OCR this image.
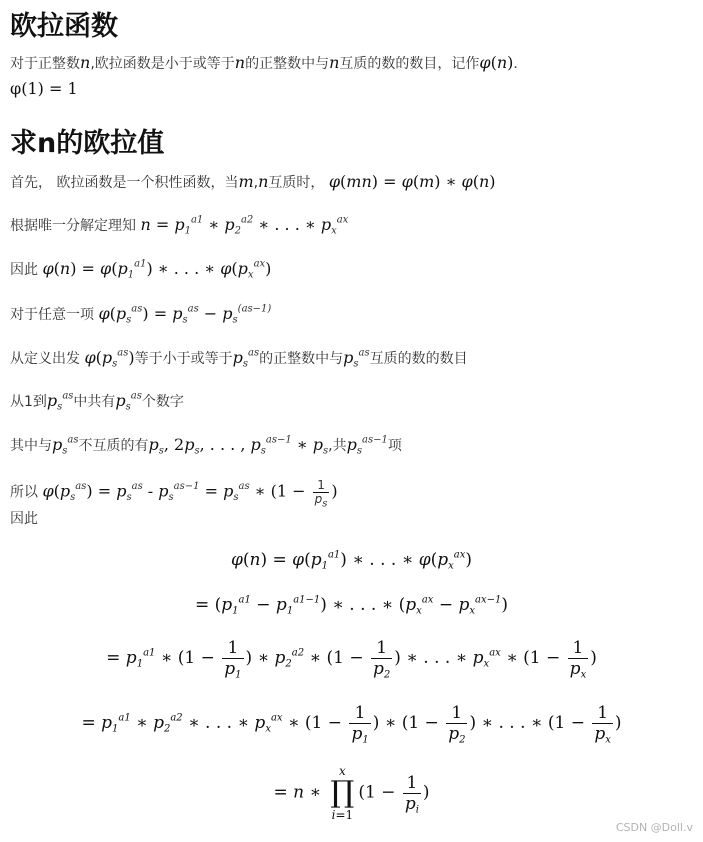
欧拉函数
对于正整数n,欧拉函数是小于或等于n的正整数中与n互质的数的数目，记作φ(n).
φ(1) = 1
求n的欧拉值
首先， 欧拉函数是一个积性函数，当m,n互质时， φ(mn) = φ(m) ∗ φ(n)
根据唯一分解定理知 $n = p_1^{a1}$ ∗ $p_2^{a2}$ ∗ . . . ∗ $p_x^{ax}$
因此 $\varphi(n) = \varphi(p_1^{a1})$ ∗ . . . ∗ $\varphi(p_x^{ax})$
对于任意一项 $\varphi(p_s^{as}) = p_s^{as} - p_s^{(as-1)}$
从定义出发 $\varphi(p_s^{as})$等于小于或等于$p_s^{as}$的正整数中与$p_s^{as}$互质的数的数目
从1到$p_s^{as}$中共有$p_s^{as}$个数字
其中与$p_s^{as}$不互质的有$p_s$, $2p_s$, . . . , $p_s^{as-1}$ ∗ $p_s$,共$p_s^{as-1}$项
所以 $\varphi(p_s^{as}) = p_s^{as} - p_s^{as-1} = p_s^{as}$ ∗ ($1 - \frac{1}{p_s}$ )
因此
$\varphi(n) = \varphi(p_1^{a1})$ ∗ . . . ∗ $\varphi(p_x^{ax})$
= $(p_1^{a1} - p_1^{a1-1})$ ∗ . . . ∗ $(p_x^{ax} - p_x^{ax-1})$
= $p_1^{a1}$ ∗ ($1 - \frac{1}{p_1}$ ) ∗ $p_2^{a2}$ ∗ ($1 - \frac{1}{p_2}$ ) ∗ . . . ∗ $p_x^{ax}$ ∗ ($1 - \frac{1}{p_x}$ )
= $p_1^{a1}$ ∗ $p_2^{a2}$ ∗ . . . ∗ $p_x^{ax}$ ∗ ($1 - \frac{1}{p_1}$ ) ∗ ($1 - \frac{1}{p_2}$ ) ∗ . . . ∗ ($1 - \frac{1}{p_x}$ )
= n ∗ x
∏
$i=1(1 - \frac{1}{p_i}$ )
CSDN @Doll.v
